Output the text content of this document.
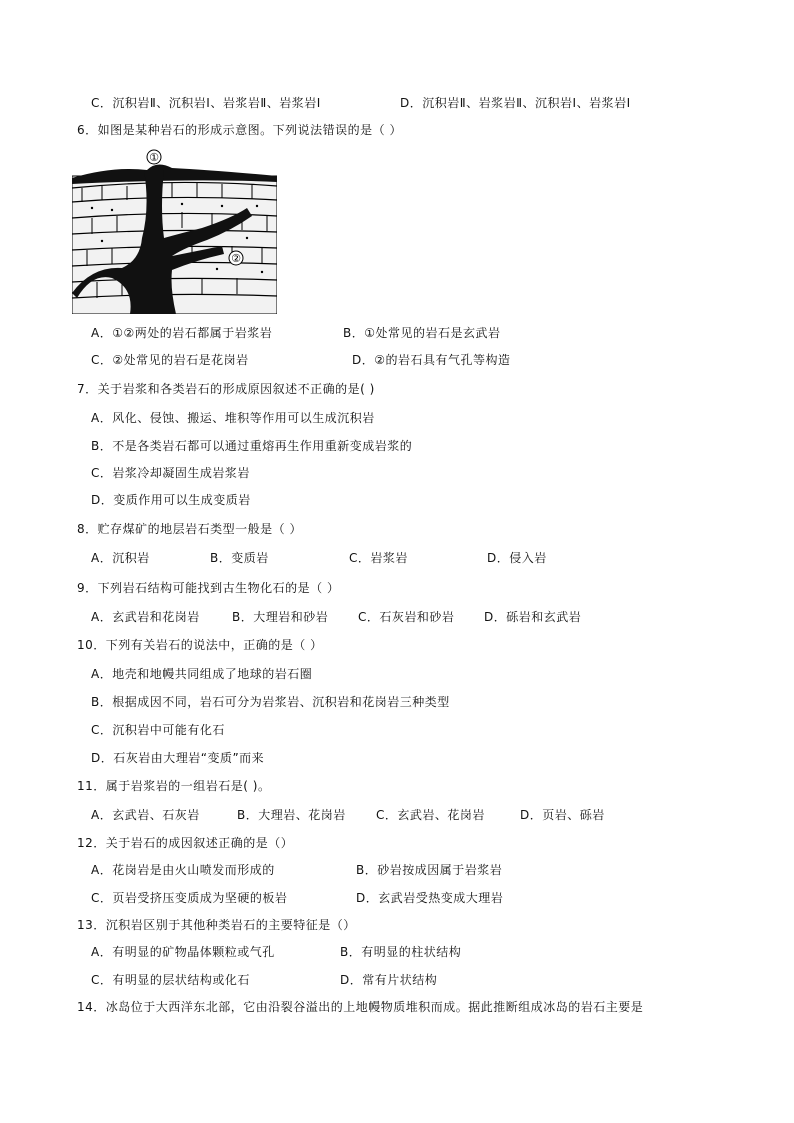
C．沉积岩Ⅱ、沉积岩Ⅰ、岩浆岩Ⅱ、岩浆岩Ⅰ	D．沉积岩Ⅱ、岩浆岩Ⅱ、沉积岩Ⅰ、岩浆岩Ⅰ
6．如图是某种岩石的形成示意图。下列说法错误的是（ ）
①
②
A．①②两处的岩石都属于岩浆岩	B．①处常见的岩石是玄武岩
C．②处常见的岩石是花岗岩	D．②的岩石具有气孔等构造
7．关于岩浆和各类岩石的形成原因叙述不正确的是( )
A．风化、侵蚀、搬运、堆积等作用可以生成沉积岩
B．不是各类岩石都可以通过重熔再生作用重新变成岩浆的
C．岩浆冷却凝固生成岩浆岩
D．变质作用可以生成变质岩
8．贮存煤矿的地层岩石类型一般是（ ）
A．沉积岩	B．变质岩	C．岩浆岩	D．侵入岩
9．下列岩石结构可能找到古生物化石的是（ ）
A．玄武岩和花岗岩	B．大理岩和砂岩 C．石灰岩和砂岩 D．砾岩和玄武岩
10．下列有关岩石的说法中，正确的是（ ）
A．地壳和地幔共同组成了地球的岩石圈
B．根据成因不同，岩石可分为岩浆岩、沉积岩和花岗岩三种类型
C．沉积岩中可能有化石
D．石灰岩由大理岩“变质”而来
11．属于岩浆岩的一组岩石是( )。
A．玄武岩、石灰岩	B．大理岩、花岗岩	C．玄武岩、花岗岩	D．页岩、砾岩
12．关于岩石的成因叙述正确的是（）
A．花岗岩是由火山喷发而形成的	B．砂岩按成因属于岩浆岩
C．页岩受挤压变质成为坚硬的板岩	D．玄武岩受热变成大理岩
13．沉积岩区别于其他种类岩石的主要特征是（）
A．有明显的矿物晶体颗粒或气孔	B．有明显的柱状结构
C．有明显的层状结构或化石	D．常有片状结构
14．冰岛位于大西洋东北部，它由沿裂谷溢出的上地幔物质堆积而成。据此推断组成冰岛的岩石主要是
